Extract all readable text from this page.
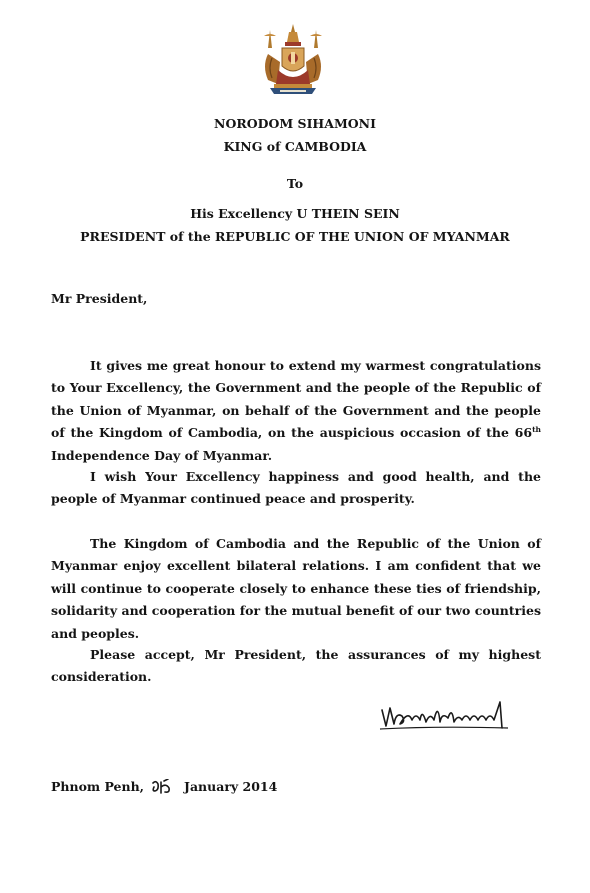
NORODOM SIHAMONI
KING of CAMBODIA
To
His Excellency U THEIN SEIN
PRESIDENT of the REPUBLIC OF THE UNION OF MYANMAR
Mr President,

It gives me great honour to extend my warmest congratulations to Your Excellency, the Government and the people of the Republic of the Union of Myanmar, on behalf of the Government and the people of the Kingdom of Cambodia, on the auspicious occasion of the 66th Independence Day of Myanmar.

I wish Your Excellency happiness and good health, and the people of Myanmar continued peace and prosperity.

The Kingdom of Cambodia and the Republic of the Union of Myanmar enjoy excellent bilateral relations. I am confident that we will continue to cooperate closely to enhance these ties of friendship, solidarity and cooperation for the mutual benefit of our two countries and peoples.

Please accept, Mr President, the assurances of my highest consideration.

Phnom Penh,	January 2014
